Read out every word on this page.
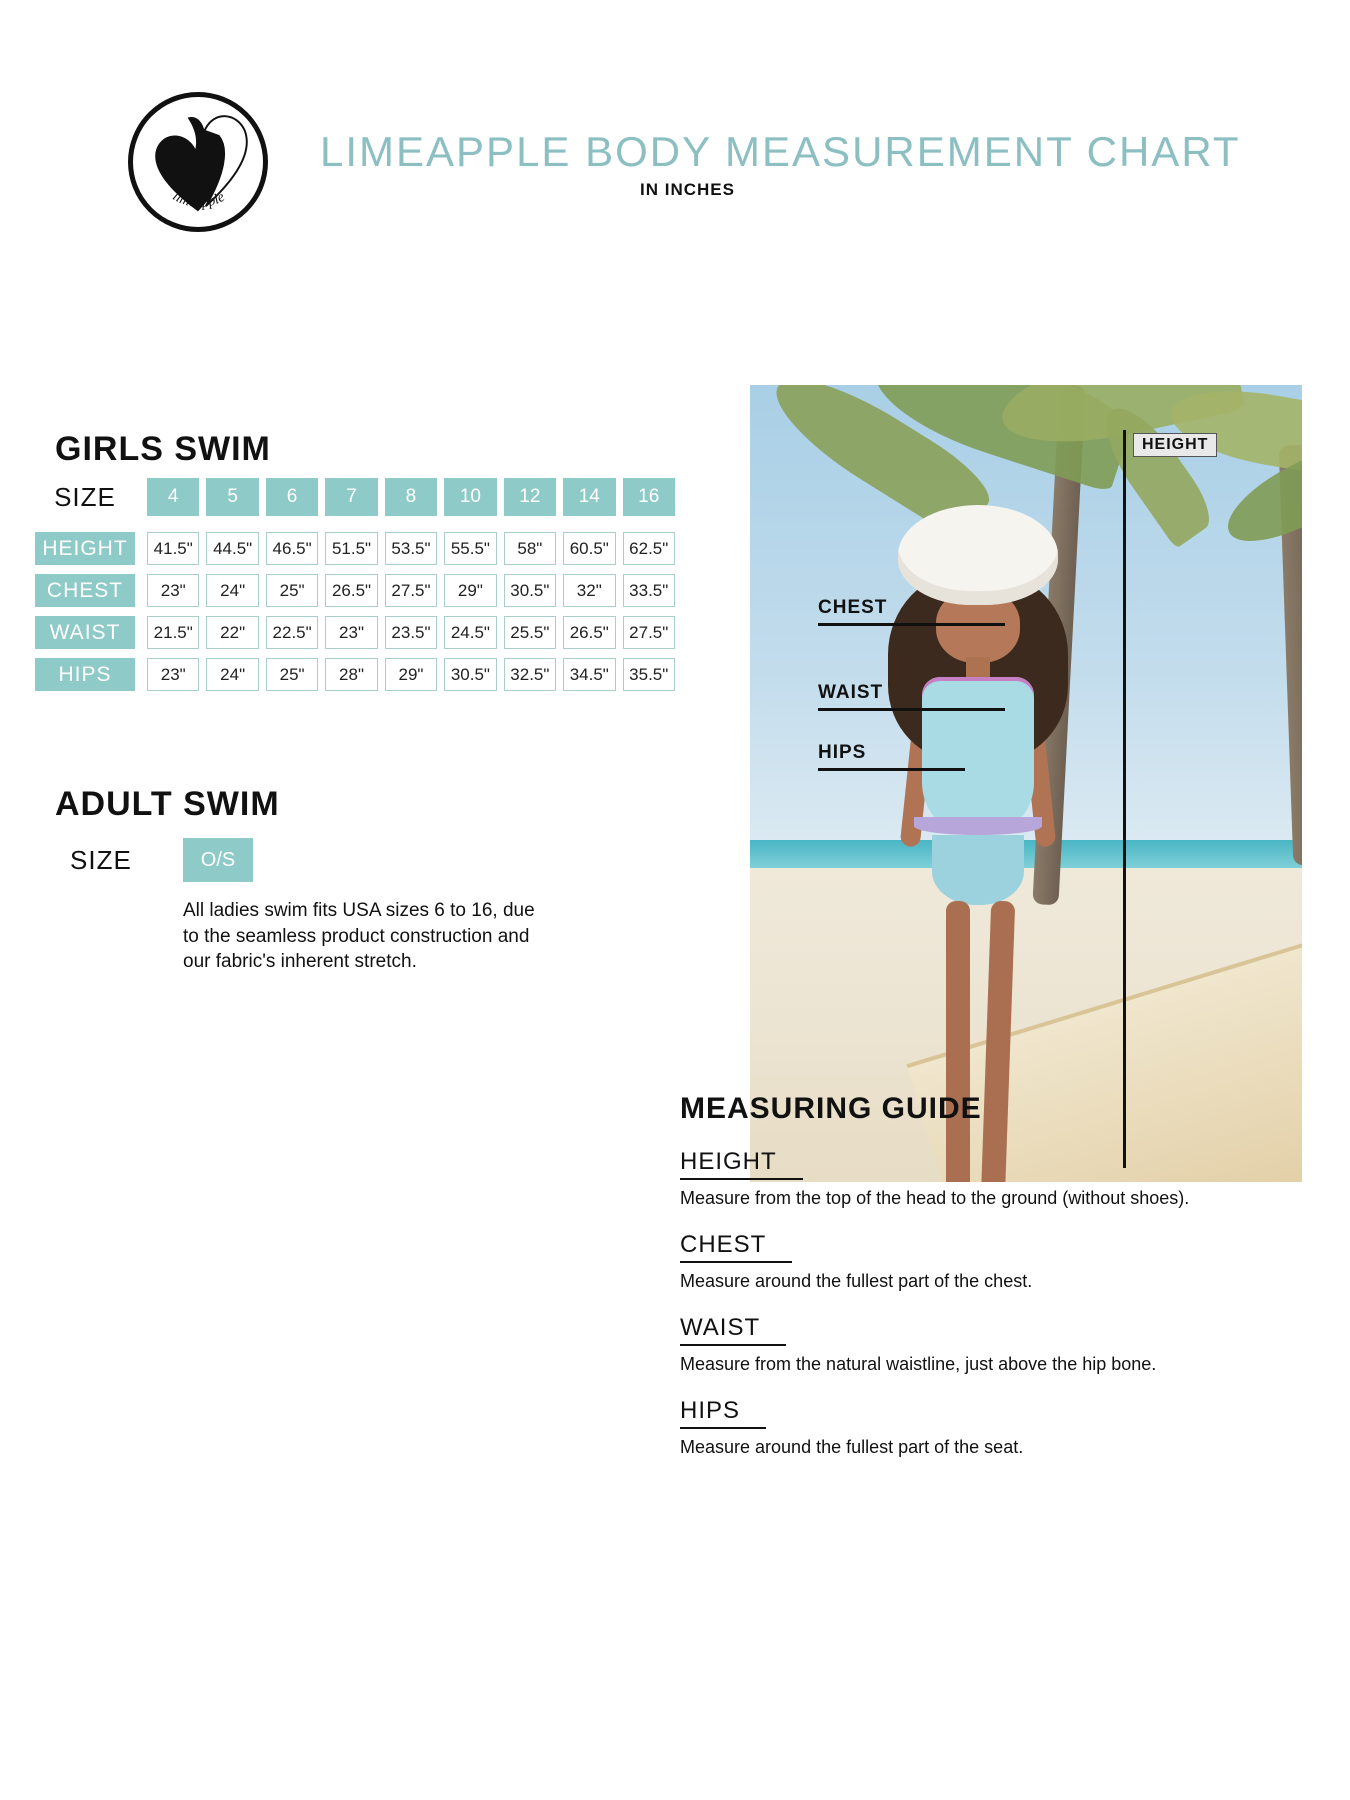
limeapple
LIMEAPPLE BODY MEASUREMENT CHART
IN INCHES
GIRLS SWIM
SIZE	4	5	6	7	8	10	12	14	16
HEIGHT	41.5"	44.5"	46.5"	51.5"	53.5"	55.5"	58"	60.5"	62.5"
CHEST	23"	24"	25"	26.5"	27.5"	29"	30.5"	32"	33.5"
WAIST	21.5"	22"	22.5"	23"	23.5"	24.5"	25.5"	26.5"	27.5"
HIPS	23"	24"	25"	28"	29"	30.5"	32.5"	34.5"	35.5"
ADULT SWIM
SIZE	O/S
All ladies swim fits USA sizes 6 to 16, due to the seamless product construction and our fabric's inherent stretch.
CHEST
WAIST
HIPS
HEIGHT
MEASURING GUIDE
HEIGHT
Measure from the top of the head to the ground (without shoes).
CHEST
Measure around the fullest part of the chest.
WAIST
Measure from the natural waistline, just above the hip bone.
HIPS
Measure around the fullest part of the seat.
